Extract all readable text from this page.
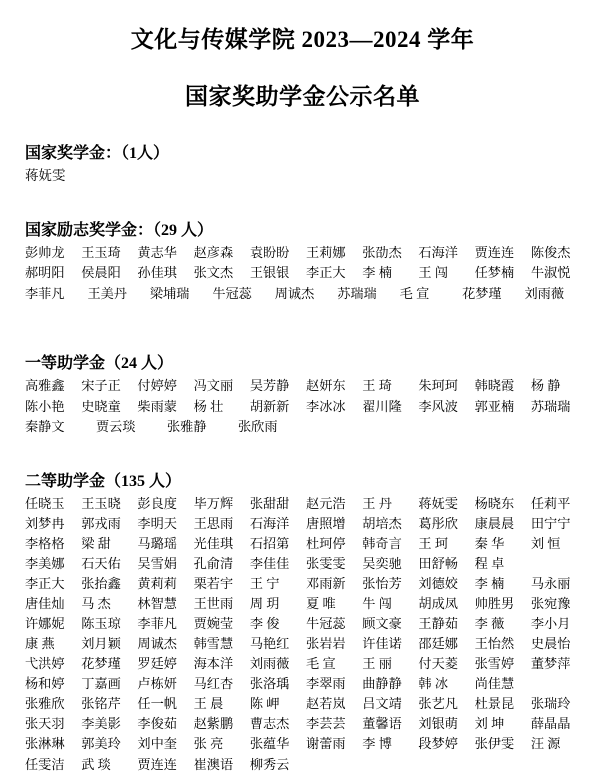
文化与传媒学院 2023—2024 学年
国家奖助学金公示名单
国家奖学金：（1人）
蒋妩雯
国家励志奖学金：（29 人）
彭帅龙	王玉琦	黄志华	赵彦森	袁盼盼	王莉娜	张劭杰	石海洋	贾连连	陈俊杰
郝明阳	侯晨阳	孙佳琪	张文杰	王银银	李正大	李 楠	王 闯	任梦楠	牛淑悦
李菲凡	王美丹	梁埔瑞	牛冠蕊	周诚杰	苏瑞瑞	毛 宣	花梦瑾	刘雨薇
一等助学金（24 人）
高雅鑫	宋子正	付婷婷	冯文丽	吴芳静	赵妍东	王 琦	朱珂珂	韩晓霞	杨 静
陈小艳	史晓童	柴雨蒙	杨 壮	胡新新	李冰冰	翟川隆	李风波	郭亚楠	苏瑞瑞
秦静文	贾云琰	张雅静	张欣雨
二等助学金（135 人）
任晓玉	王玉晓	彭良度	毕万辉	张甜甜	赵元浩	王 丹	蒋妩雯	杨晓东	任莉平
刘梦冉	郭戎雨	李明天	王思雨	石海洋	唐照增	胡培杰	葛彤欣	康晨晨	田宁宁
李格格	梁 甜	马璐瑶	光佳琪	石招第	杜珂停	韩奇言	王 珂	秦 华	刘 恒
李美娜	石天佑	吴雪娟	孔俞清	李佳佳	张雯雯	吴奕驰	田舒畅	程 卓
李正大	张抬鑫	黄莉莉	栗若宇	王 宁	邓雨新	张怡芳	刘德姣	李 楠	马永丽
唐佳灿	马 杰	林智慧	王世雨	周 玥	夏 唯	牛 闯	胡成凤	帅胜男	张宛豫
许娜妮	陈玉琼	李菲凡	贾婉莹	李 俊	牛冠蕊	顾文豪	王静茹	李 薇	李小月
康 燕	刘月颖	周诚杰	韩雪慧	马艳红	张岩岩	许佳诺	邵廷娜	王怡然	史晨怡
弋洪婷	花梦瑾	罗廷婷	海本洋	刘雨薇	毛 宣	王 丽	付天菱	张雪婷	董梦萍
杨和婷	丁嘉画	卢栋妍	马红杏	张洛瑀	李翠雨	曲静静	韩 冰	尚佳慧
张雅欣	张铭芹	任一帆	王 晨	陈 岬	赵若岚	吕文靖	张艺凡	杜景昆	张瑞玲
张天羽	李美影	李俊茹	赵紫鹏	曹志杰	李芸芸	董馨语	刘银萌	刘 坤	薛晶晶
张淋琳	郭美玲	刘中奎	张 亮	张蕴华	谢蕾雨	李 博	段梦婷	张伊雯	汪 源
任雯洁	武 琰	贾连连	崔澳语	柳秀云
